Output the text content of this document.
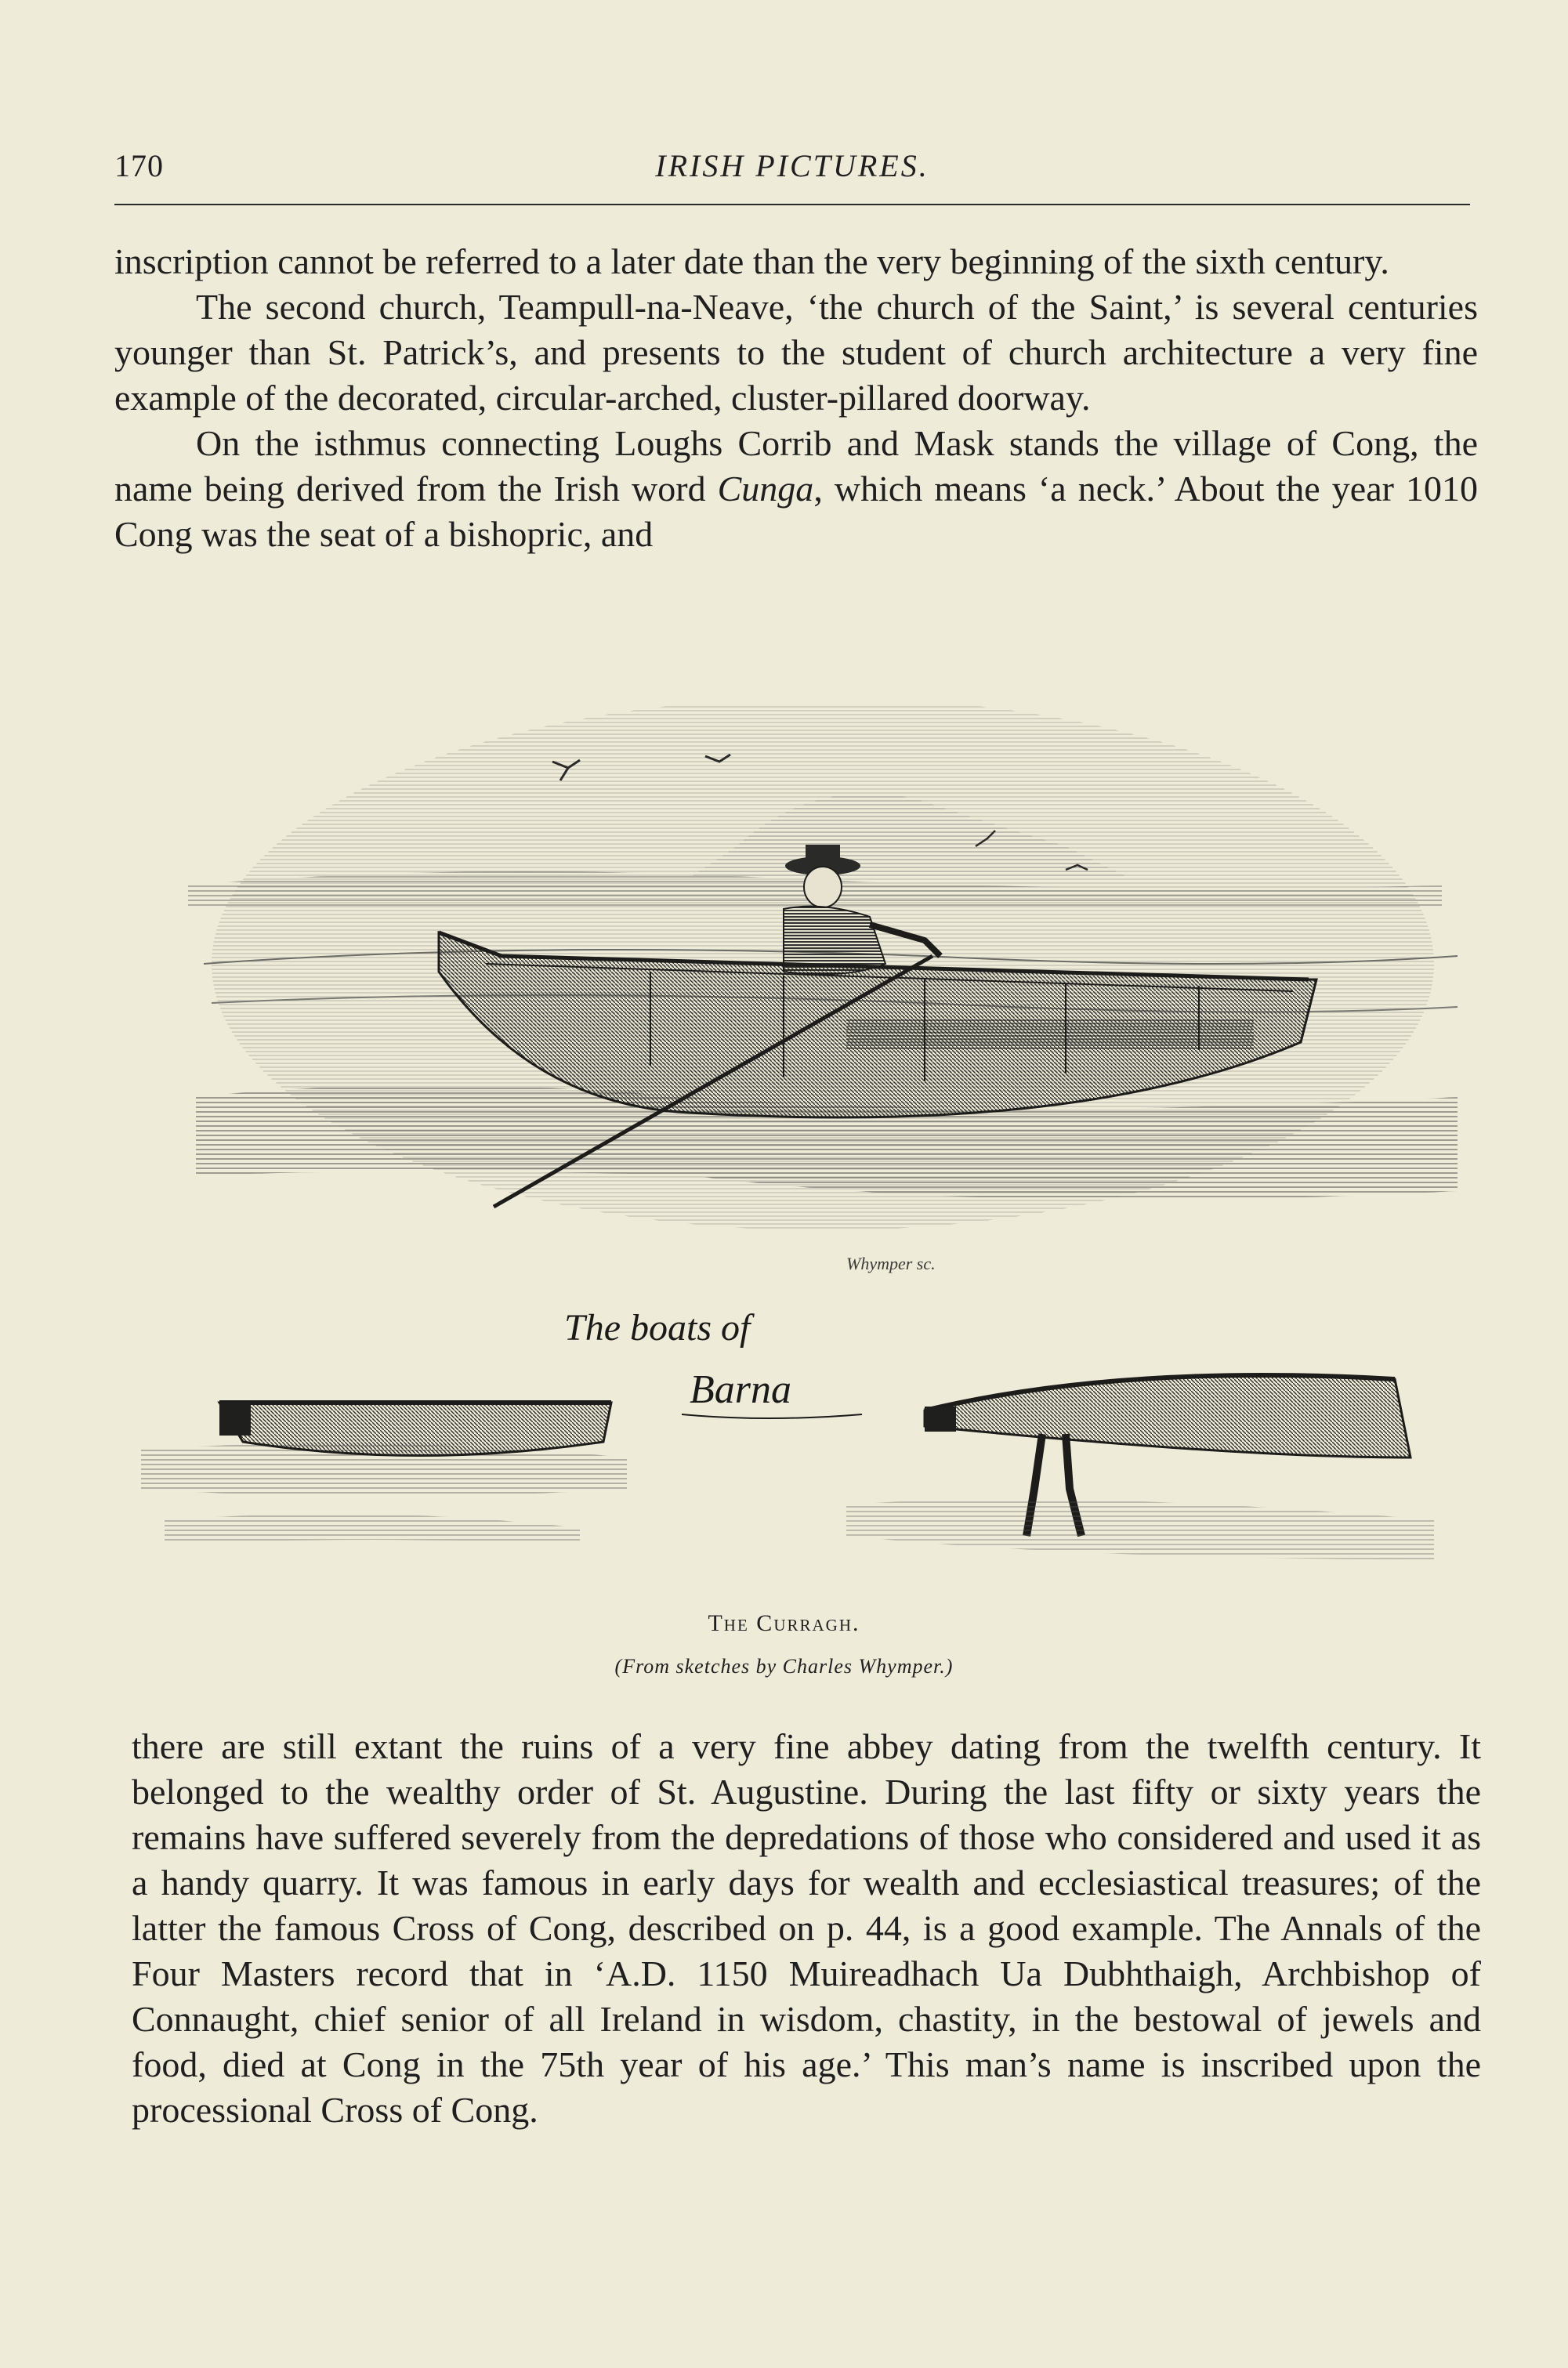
170	IRISH PICTURES.

inscription cannot be referred to a later date than the very beginning of the sixth century.

The second church, Teampull-na-Neave, ‘the church of the Saint,’ is several centuries younger than St. Patrick’s, and presents to the student of church architecture a very fine example of the decorated, circular-arched, cluster-pillared doorway.

On the isthmus connecting Loughs Corrib and Mask stands the village of Cong, the name being derived from the Irish word Cunga, which means ‘a neck.’ About the year 1010 Cong was the seat of a bishopric, and

Whymper sc.
The boats of
Barna
The Curragh.
(From sketches by Charles Whymper.)

there are still extant the ruins of a very fine abbey dating from the twelfth century. It belonged to the wealthy order of St. Augustine. During the last fifty or sixty years the remains have suffered severely from the depredations of those who considered and used it as a handy quarry. It was famous in early days for wealth and ecclesiastical treasures; of the latter the famous Cross of Cong, described on p. 44, is a good example. The Annals of the Four Masters record that in ‘A.D. 1150 Muireadhach Ua Dubhthaigh, Archbishop of Connaught, chief senior of all Ireland in wisdom, chastity, in the bestowal of jewels and food, died at Cong in the 75th year of his age.’ This man’s name is inscribed upon the processional Cross of Cong.
